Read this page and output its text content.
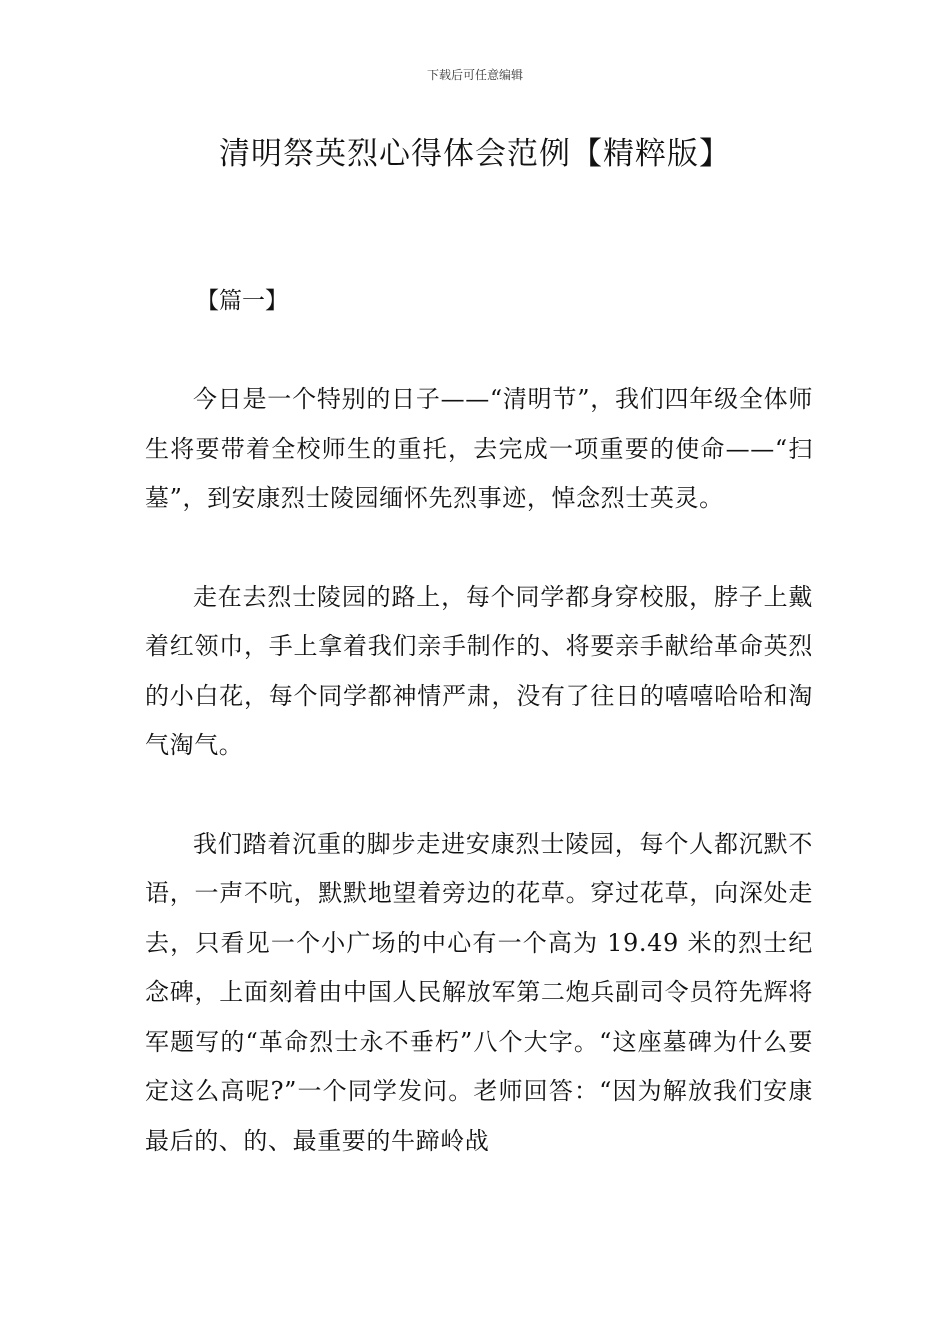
下载后可任意编辑
清明祭英烈心得体会范例【精粹版】
【篇一】

今日是一个特别的日子——“清明节”，我们四年级全体师生将要带着全校师生的重托，去完成一项重要的使命——“扫墓”，到安康烈士陵园缅怀先烈事迹，悼念烈士英灵。

走在去烈士陵园的路上，每个同学都身穿校服，脖子上戴着红领巾，手上拿着我们亲手制作的、将要亲手献给革命英烈的小白花，每个同学都神情严肃，没有了往日的嘻嘻哈哈和淘气淘气。

我们踏着沉重的脚步走进安康烈士陵园，每个人都沉默不语，一声不吭，默默地望着旁边的花草。穿过花草，向深处走去，只看见一个小广场的中心有一个高为 19.49 米的烈士纪念碑，上面刻着由中国人民解放军第二炮兵副司令员符先辉将军题写的“革命烈士永不垂朽”八个大字。“这座墓碑为什么要定这么高呢?”一个同学发问。老师回答：“因为解放我们安康最后的、的、最重要的牛蹄岭战
